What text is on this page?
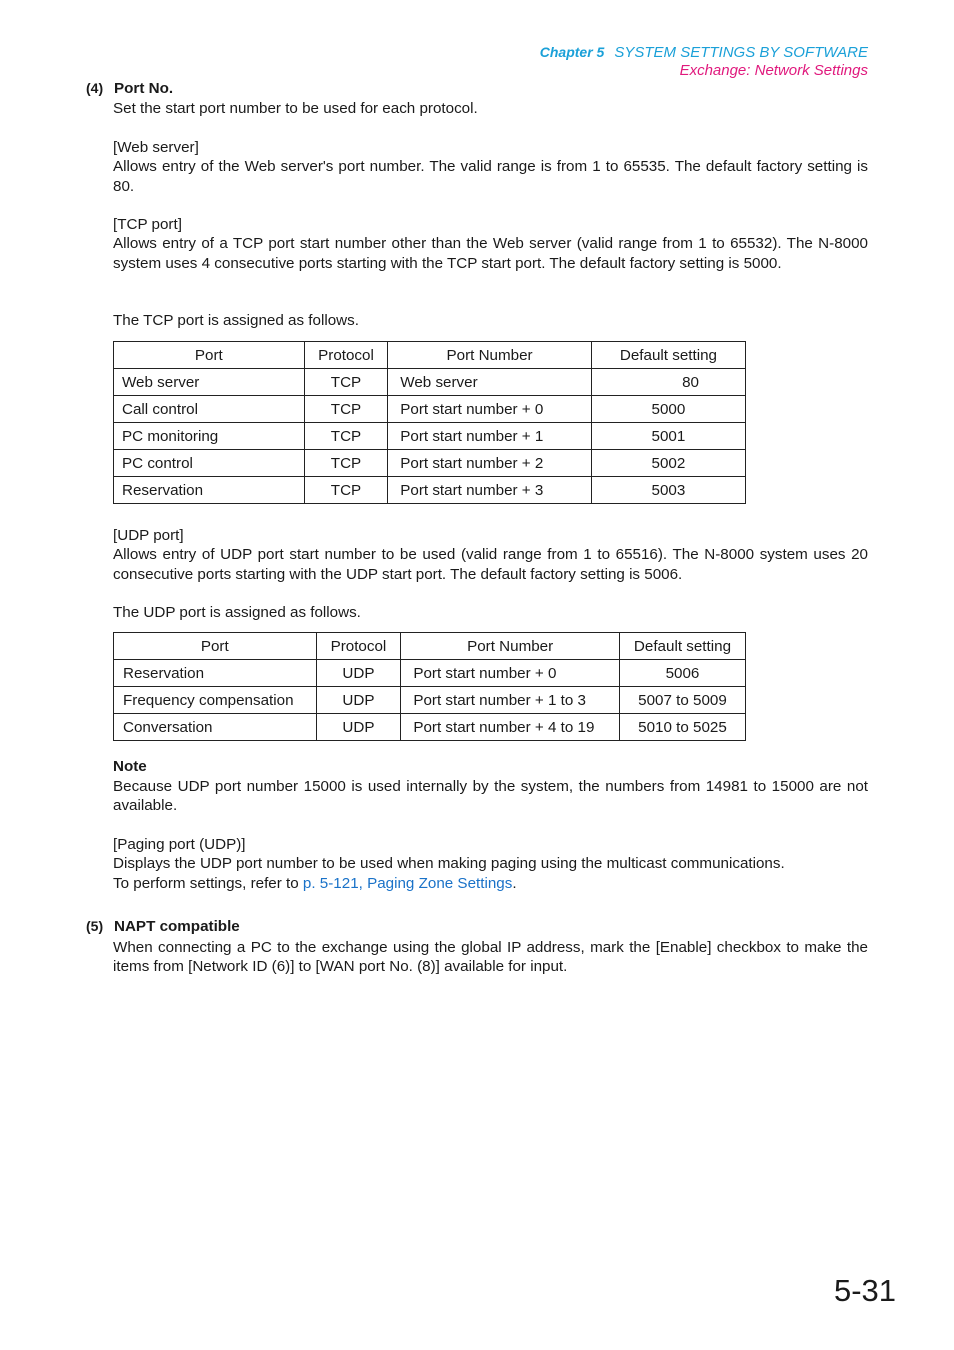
Chapter 5 SYSTEM SETTINGS BY SOFTWARE
Exchange: Network Settings
(4) Port No.
Set the start port number to be used for each protocol.

[Web server]

Allows entry of the Web server's port number. The valid range is from 1 to 65535. The default factory setting is 80.

[TCP port]

Allows entry of a TCP port start number other than the Web server (valid range from 1 to 65532). The N-8000 system uses 4 consecutive ports starting with the TCP start port. The default factory setting is 5000.

The TCP port is assigned as follows.
Port	Protocol	Port Number	Default setting
Web server	TCP	Web server	80
Call control	TCP	Port start number + 0	5000
PC monitoring	TCP	Port start number + 1	5001
PC control	TCP	Port start number + 2	5002
Reservation	TCP	Port start number + 3	5003

[UDP port]

Allows entry of UDP port start number to be used (valid range from 1 to 65516). The N-8000 system uses 20 consecutive ports starting with the UDP start port. The default factory setting is 5006.

The UDP port is assigned as follows.
Port	Protocol	Port Number	Default setting
Reservation	UDP	Port start number + 0	5006
Frequency compensation	UDP	Port start number + 1 to 3	5007 to 5009
Conversation	UDP	Port start number + 4 to 19	5010 to 5025
Note
Because UDP port number 15000 is used internally by the system, the numbers from 14981 to 15000 are not available.

[Paging port (UDP)]

Displays the UDP port number to be used when making paging using the multicast communications.

To perform settings, refer to p. 5-121, Paging Zone Settings.

(5) NAPT compatible
When connecting a PC to the exchange using the global IP address, mark the [Enable] checkbox to make the items from [Network ID (6)] to [WAN port No. (8)] available for input.
5-31
